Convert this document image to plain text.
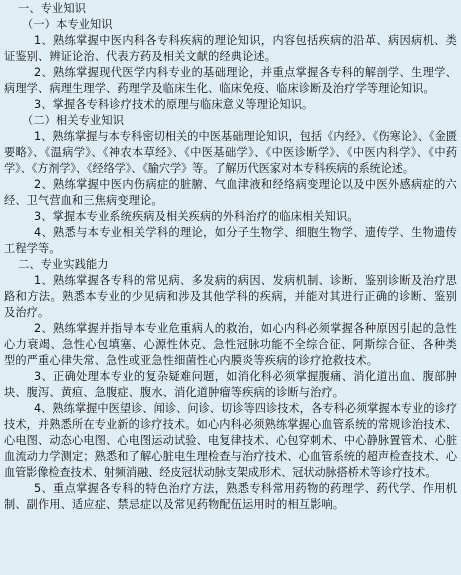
一、专业知识
（一）本专业知识

1、熟练掌握中医内科各专科疾病的理论知识，内容包括疾病的沿革、病因病机、类证鉴别、辨证论治、代表方药及相关文献的经典论述。

2、熟练掌握现代医学内科专业的基础理论，并重点掌握各专科的解剖学、生理学、病理学、病理生理学、药理学及临床生化、临床免疫、临床诊断及治疗学等理论知识。

3、掌握各专科诊疗技术的原理与临床意义等理论知识。

（二）相关专业知识

1、熟练掌握与本专科密切相关的中医基础理论知识，包括《内经》、《伤寒论》、《金匮要略》、《温病学》、《神农本草经》、《中医基础学》、《中医诊断学》、《中医内科学》、《中药学》、《方剂学》、《经络学》、《腧穴学》等。了解历代医家对本专科疾病的系统论述。

2、熟练掌握中医内伤病症的脏腑、气血津液和经络病变理论以及中医外感病症的六经、卫气营血和三焦病变理论。

3、掌握本专业系统疾病及相关疾病的外科治疗的临床相关知识。

4、熟悉与本专业相关学科的理论，如分子生物学、细胞生物学、遗传学、生物遗传工程学等。

二、专业实践能力

1、熟练掌握各专科的常见病、多发病的病因、发病机制、诊断、鉴别诊断及治疗思路和方法。熟悉本专业的少见病和涉及其他学科的疾病，并能对其进行正确的诊断、鉴别及治疗。

2、熟练掌握并指导本专业危重病人的救治，如心内科必须掌握各种原因引起的急性心力衰竭、急性心包填塞、心源性休克、急性冠脉功能不全综合征、阿斯综合征、各种类型的严重心律失常、急性或亚急性细菌性心内膜炎等疾病的诊疗抢救技术。

3、正确处理本专业的复杂疑难问题，如消化科必须掌握腹痛、消化道出血、腹部肿块、腹泻、黄疸、急腹症、腹水、消化道肿瘤等疾病的诊断与治疗。

4、熟练掌握中医望诊、闻诊、问诊、切诊等四诊技术，各专科必须掌握本专业的诊疗技术，并熟悉所在专业新的诊疗技术。如心内科必须熟练掌握心血管系统的常规诊治技术、心电图、动态心电图、心电图运动试验、电复律技术、心包穿刺术、中心静脉置管术、心脏血流动力学测定；熟悉和了解心脏电生理检查与治疗技术、心血管系统的超声检查技术、心血管影像检查技术、射频消融、经皮冠状动脉支架成形术、冠状动脉搭桥术等诊疗技术。

5、重点掌握各专科的特色治疗方法，熟悉专科常用药物的药理学、药代学、作用机制、副作用、适应症、禁忌症以及常见药物配伍运用时的相互影响。
